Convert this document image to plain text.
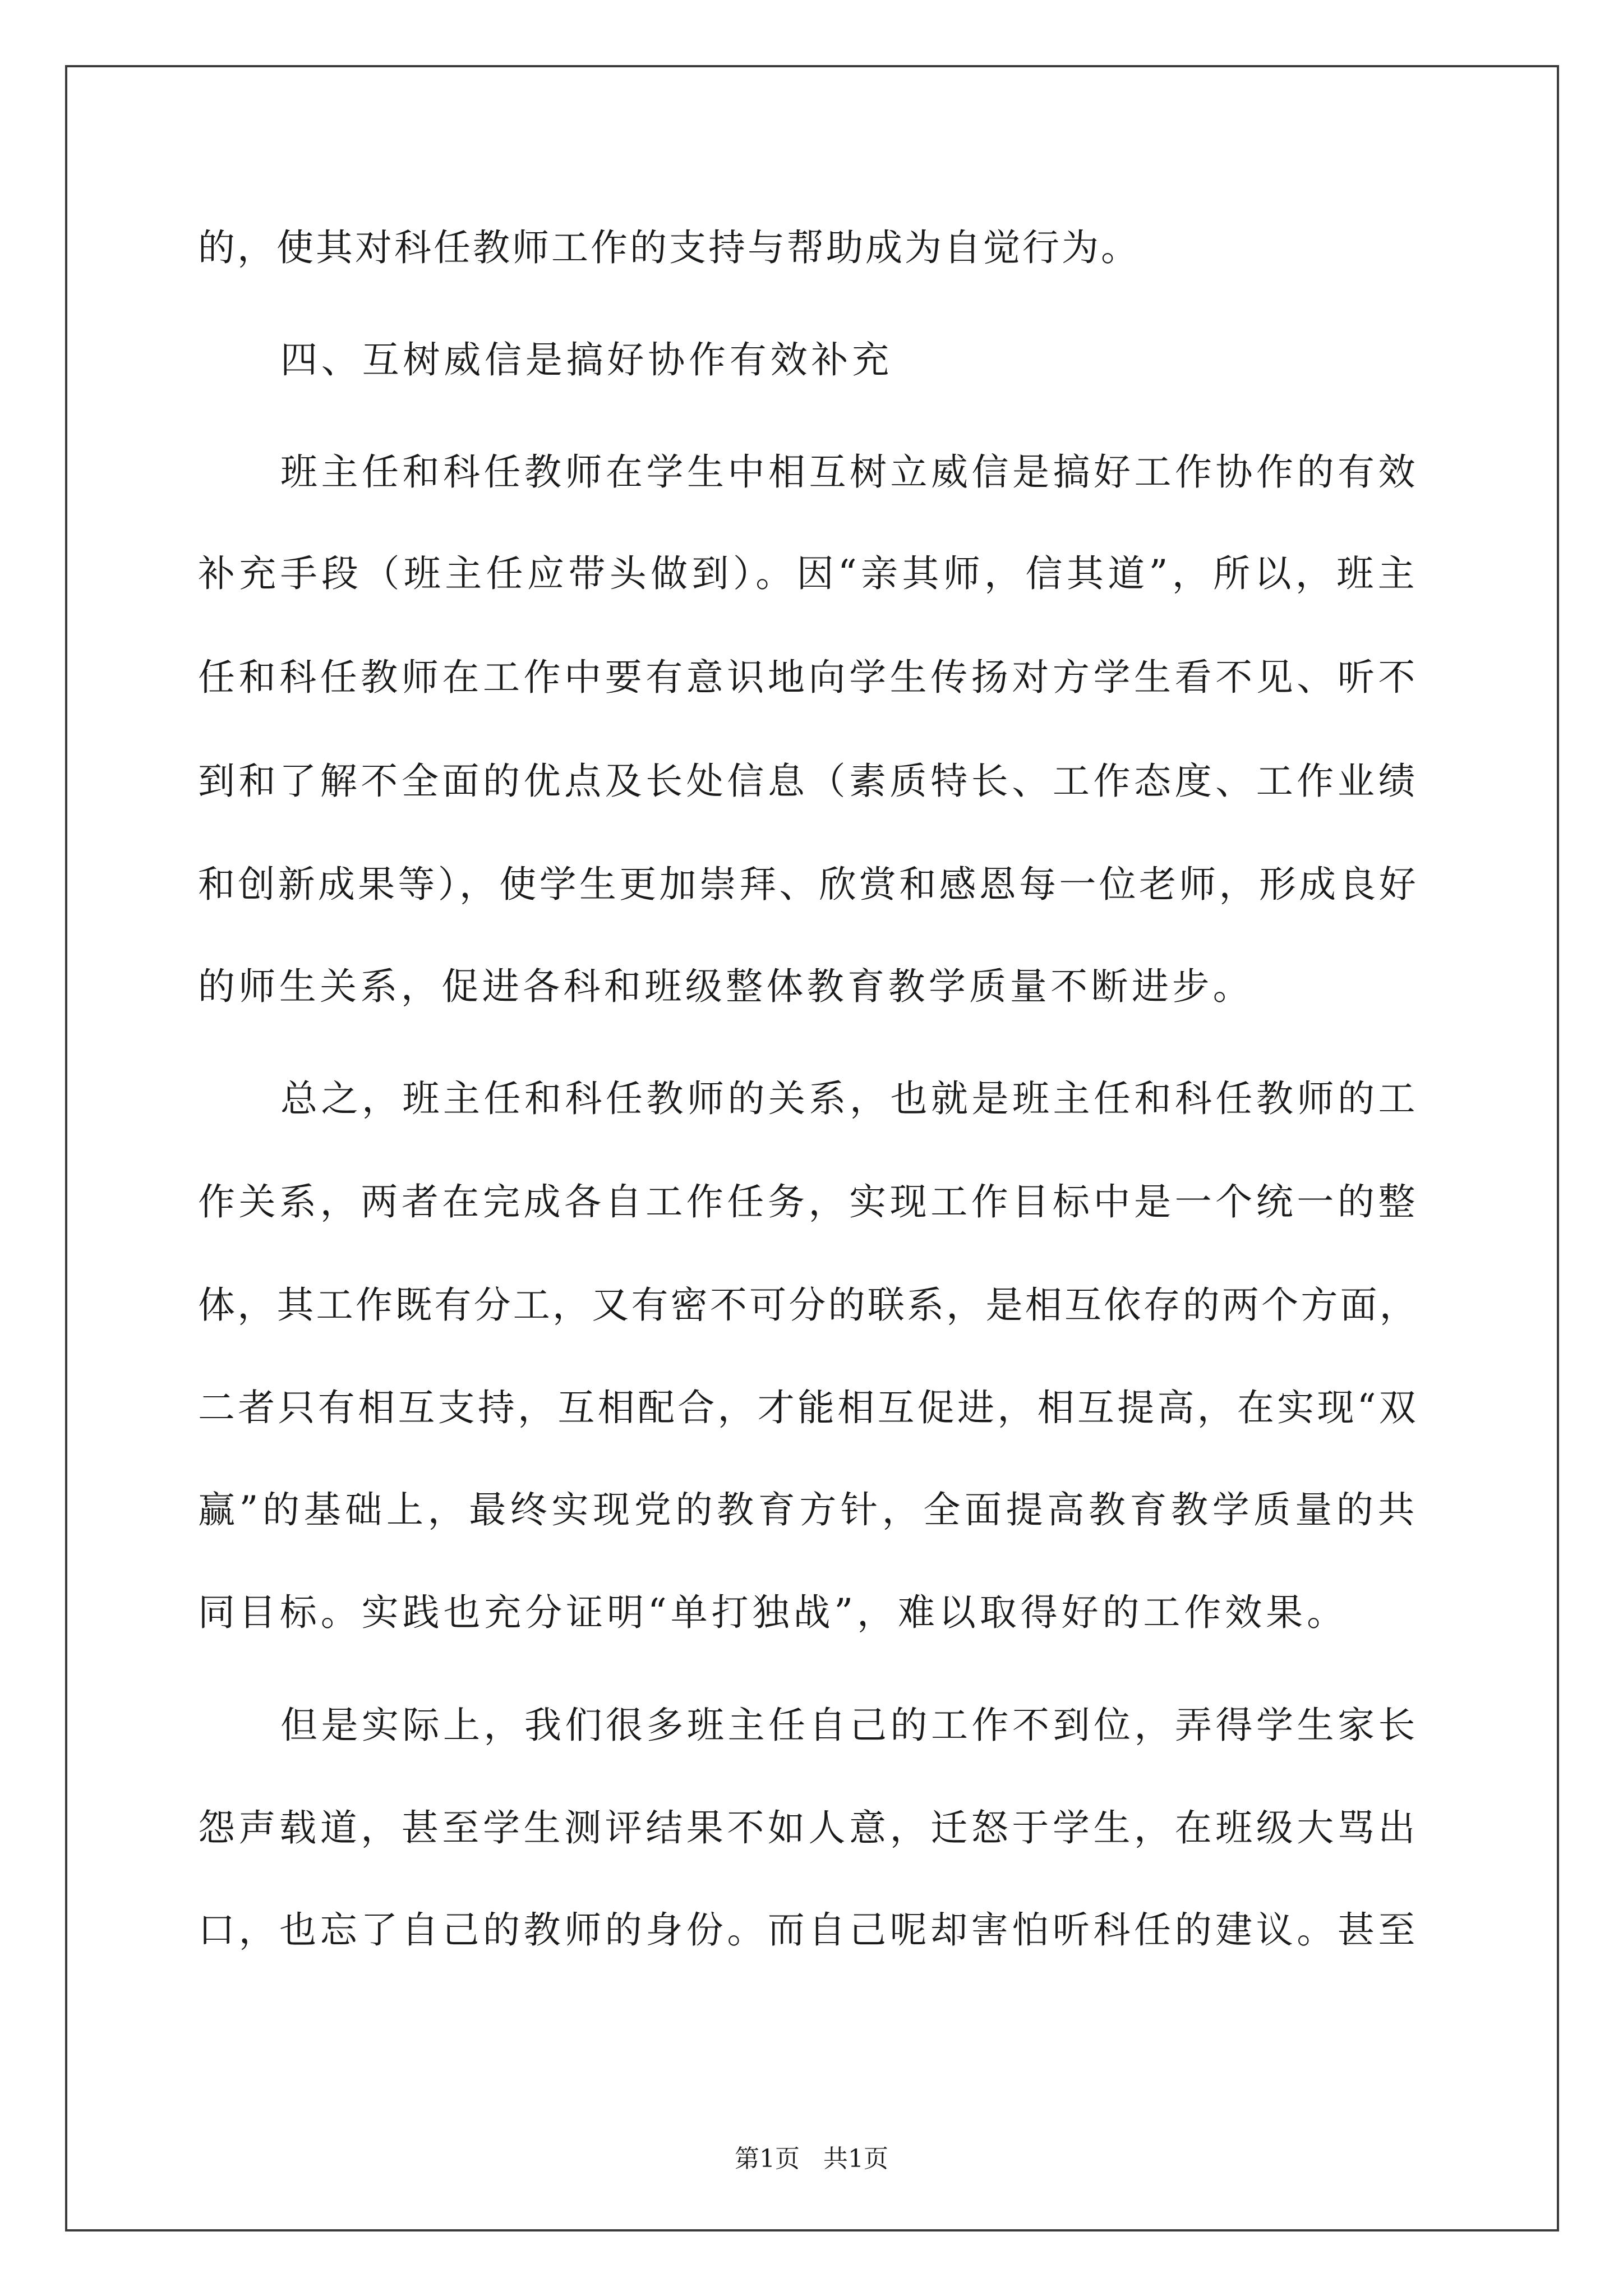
的，使其对科任教师工作的支持与帮助成为自觉行为。
四、互树威信是搞好协作有效补充
班主任和科任教师在学生中相互树立威信是搞好工作协作的有效
补充手段（班主任应带头做到）。因“亲其师，信其道”，所以，班主
任和科任教师在工作中要有意识地向学生传扬对方学生看不见、听不
到和了解不全面的优点及长处信息（素质特长、工作态度、工作业绩
和创新成果等），使学生更加崇拜、欣赏和感恩每一位老师，形成良好
的师生关系，促进各科和班级整体教育教学质量不断进步。
总之，班主任和科任教师的关系，也就是班主任和科任教师的工
作关系，两者在完成各自工作任务，实现工作目标中是一个统一的整
体，其工作既有分工，又有密不可分的联系，是相互依存的两个方面，
二者只有相互支持，互相配合，才能相互促进，相互提高，在实现“双
赢”的基础上，最终实现党的教育方针，全面提高教育教学质量的共
同目标。实践也充分证明“单打独战”，难以取得好的工作效果。
但是实际上，我们很多班主任自己的工作不到位，弄得学生家长
怨声载道，甚至学生测评结果不如人意，迁怒于学生，在班级大骂出
口，也忘了自己的教师的身份。而自己呢却害怕听科任的建议。甚至
第1页   共1页
